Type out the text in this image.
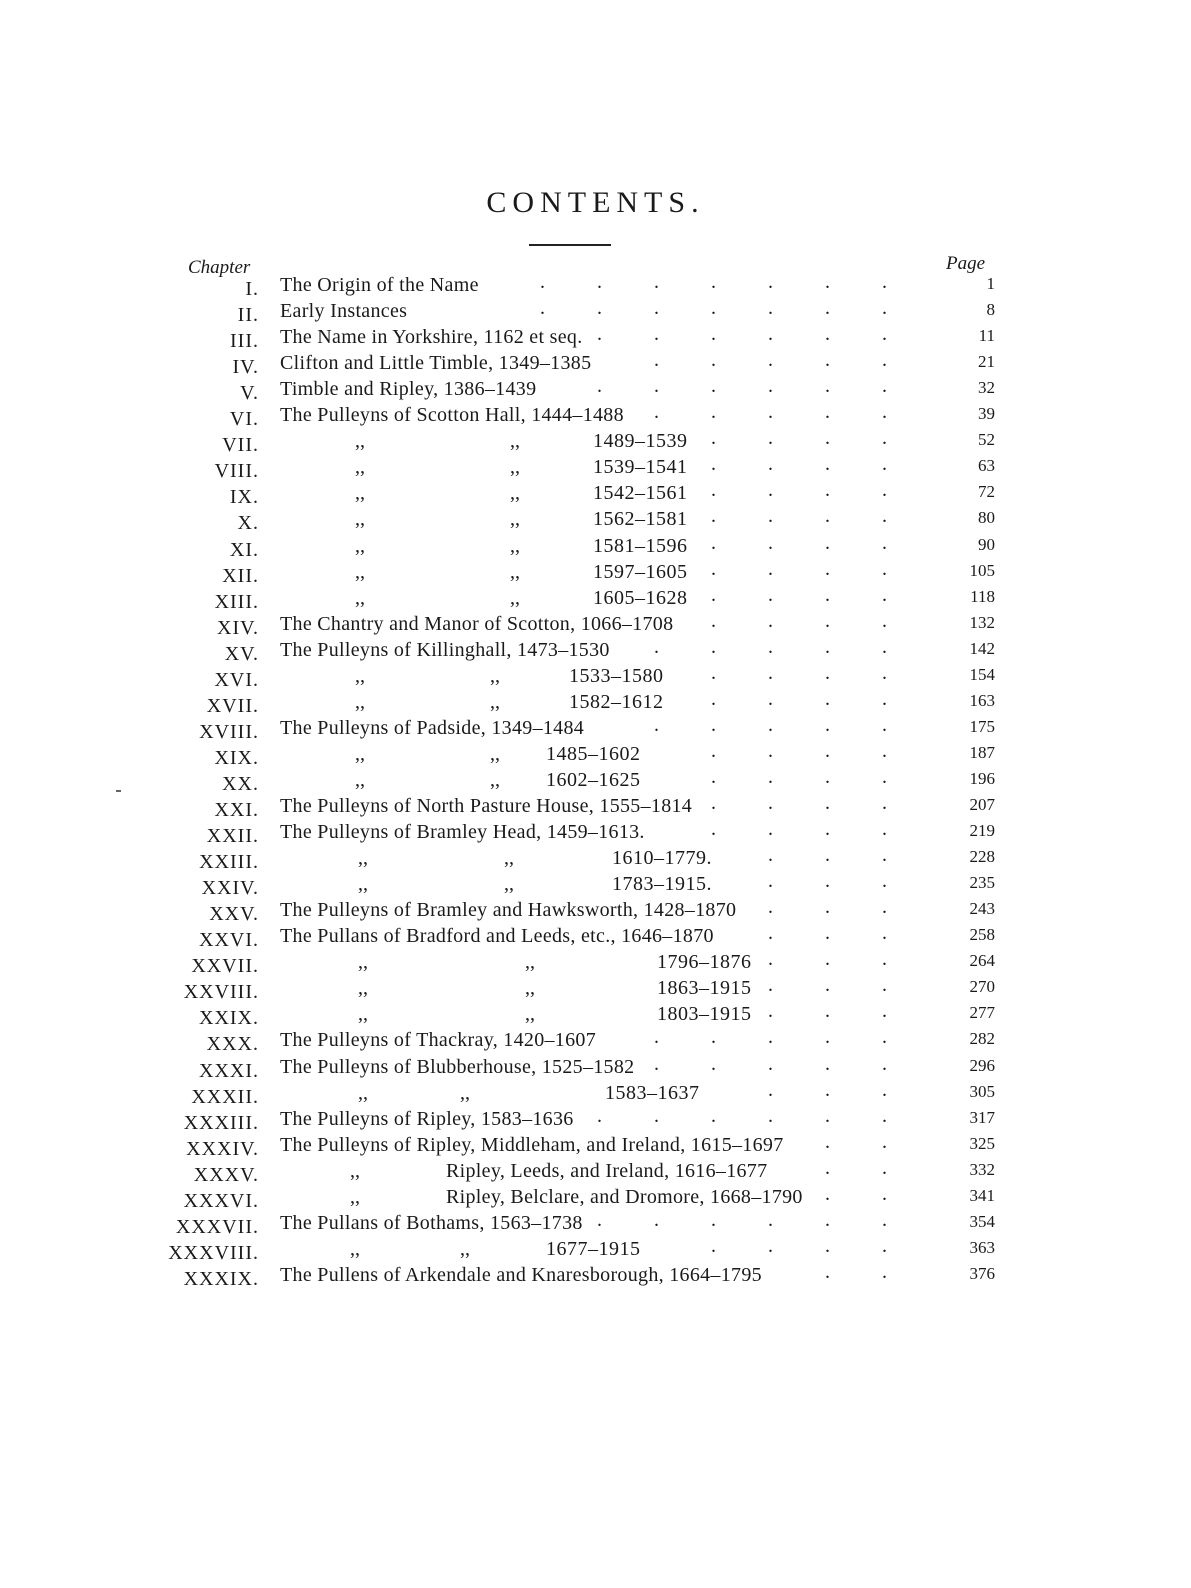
CONTENTS.
Chapter	Page
I. The Origin of the Name	.	.	.	.	.	.	.	1
II. Early Instances	.	.	.	.	.	.	.	8
III. The Name in Yorkshire, 1162 et seq. .	.	.	.	.	.	11
IV. Clifton and Little Timble, 1349–1385	.	.	.	.	.	21
V. Timble and Ripley, 1386–1439	.	.	.	.	.	.	32
VI. The Pulleyns of Scotton Hall, 1444–1488 .	.	.	.	.	39
VII.	,,	,,	1489–1539 .	.	.	.	52
VIII.	,,	,,	1539–1541 .	.	.	.	63
IX.	,,	,,	1542–1561 .	.	.	.	72
X.	,,	,,	1562–1581 .	.	.	.	80
XI.	,,	,,	1581–1596 .	.	.	.	90
XII.	,,	,,	1597–1605 .	.	.	.	105
XIII.	,,	,,	1605–1628 .	.	.	.	118
XIV. The Chantry and Manor of Scotton, 1066–1708 .	.	.	.	132
XV. The Pulleyns of Killinghall, 1473–1530 .	.	.	.	.	142
XVI.	,,	,,	1533–1580 .	.	.	.	154
XVII.	,,	,,	1582–1612 .	.	.	.	163
XVIII. The Pulleyns of Padside, 1349–1484	.	.	.	.	.	175
XIX.	,,	,, 1485–1602	.	.	.	.	187
XX.	,,	,, 1602–1625	.	.	.	.	196
XXI. The Pulleyns of North Pasture House, 1555–1814 .	.	.	.	207
XXII. The Pulleyns of Bramley Head, 1459–1613.	.	.	.	.	219
XXIII.	,,	,,	1610–1779.	.	.	.	228
XXIV.	,,	,,	1783–1915.	.	.	.	235
XXV. The Pulleyns of Bramley and Hawksworth, 1428–1870 .	.	.	243
XXVI. The Pullans of Bradford and Leeds, etc., 1646–1870	.	.	.	258
XXVII.	,,	,,	1796–1876 .	.	.	264
XXVIII.	,,	,,	1863–1915 .	.	.	270
XXIX.	,,	,,	1803–1915 .	.	.	277
XXX. The Pulleyns of Thackray, 1420–1607	.	.	.	.	.	282
XXXI. The Pulleyns of Blubberhouse, 1525–1582 .	.	.	.	.	296
XXXII.	,,	,,	1583–1637	.	.	.	305
XXXIII. The Pulleyns of Ripley, 1583–1636 .	.	.	.	.	.	317
XXXIV. The Pulleyns of Ripley, Middleham, and Ireland, 1615–1697 .	.	325
XXXV.	,,	Ripley, Leeds, and Ireland, 1616–1677	.	.	332
XXXVI.	,,	Ripley, Belclare, and Dromore, 1668–1790 .	.	341
XXXVII. The Pullans of Bothams, 1563–1738 .	.	.	.	.	.	354
XXXVIII.	,,	,,	1677–1915	.	.	.	.	363
XXXIX. The Pullens of Arkendale and Knaresborough, 1664–1795	.	.	376
